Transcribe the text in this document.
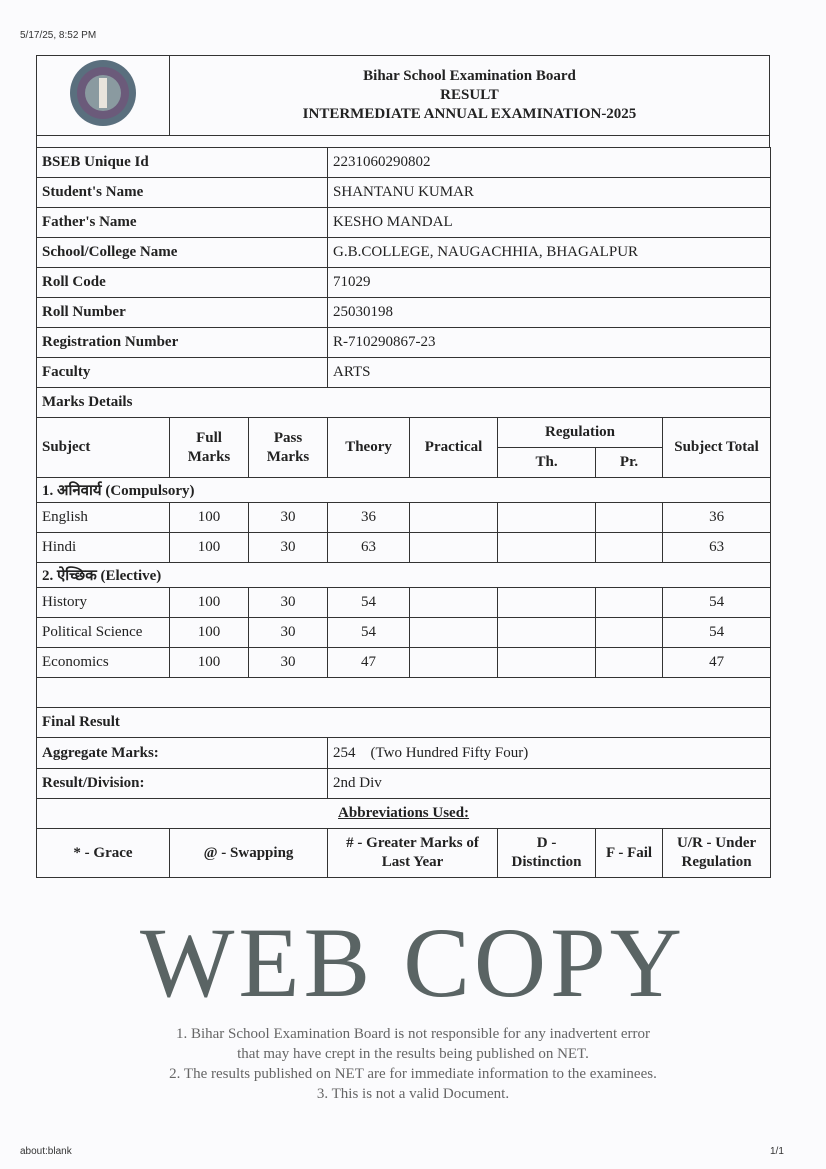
5/17/25, 8:52 PM
about:blank	1/1

Bihar School Examination Board
RESULT
INTERMEDIATE ANNUAL EXAMINATION-2025

BSEB Unique Id			2231060290802				
Student's Name			SHANTANU KUMAR				
Father's Name			KESHO MANDAL				
School/College Name			G.B.COLLEGE, NAUGACHHIA, BHAGALPUR				
Roll Code			71029				
Roll Number			25030198				
Registration Number			R-710290867-23				
Faculty			ARTS				
Marks Details							
Subject	Full Marks	Pass Marks	Theory	Practical	Regulation		Subject Total
					Th.	Pr.	
1. अनिवार्य (Compulsory)							
English	100	30	36				36
Hindi	100	30	63				63
2. ऐच्छिक (Elective)							
History	100	30	54				54
Political Science	100	30	54				54
Economics	100	30	47				47

Final Result							
Aggregate Marks:			254    (Two Hundred Fifty Four)				
Result/Division:			2nd Div				
Abbreviations Used:							
* - Grace	@ - Swapping		# - Greater Marks of Last Year		D - Distinction	F - Fail	U/R - Under Regulation
WEB COPY
1. Bihar School Examination Board is not responsible for any inadvertent error
that may have crept in the results being published on NET.
2. The results published on NET are for immediate information to the examinees.
3. This is not a valid Document.
